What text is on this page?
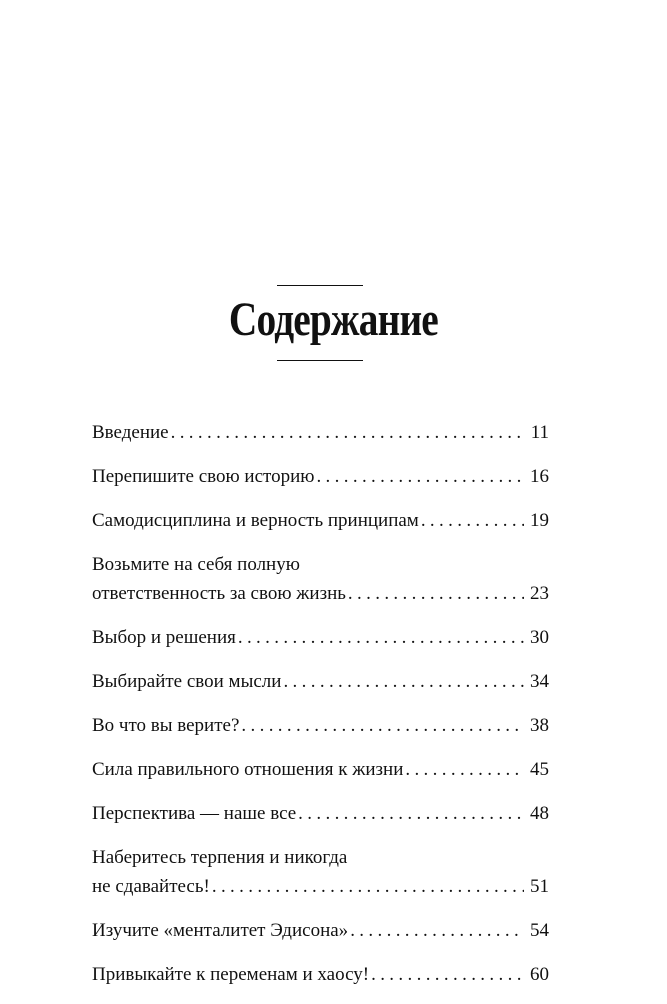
Содержание
Введение . . .	11
Перепишите свою историю . . .	16
Самодисциплина и верность принципам . . .	19
Возьмите на себя полную
ответственность за свою жизнь . . .	23
Выбор и решения . . .	30
Выбирайте свои мысли . . .	34
Во что вы верите? . . .	38
Сила правильного отношения к жизни . . .	45
Перспектива — наше все . . .	48
Наберитесь терпения и никогда
не сдавайтесь! . . .	51
Изучите «менталитет Эдисона» . . .	54
Привыкайте к переменам и хаосу! . . .	60
